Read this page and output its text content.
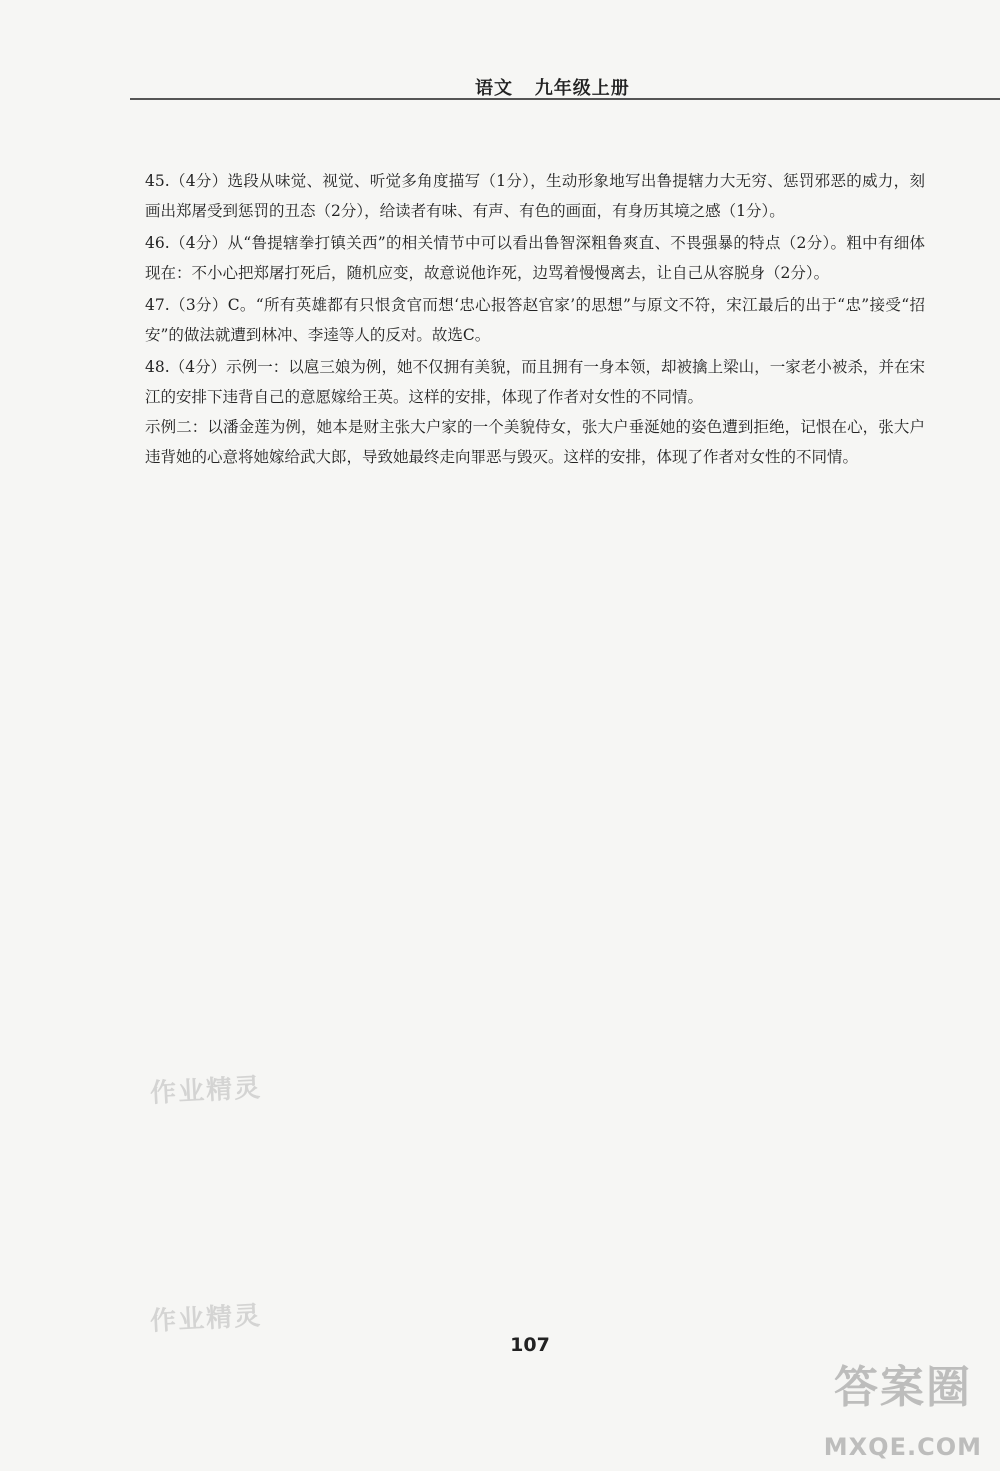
语文   九年级上册

45.（4分）选段从味觉、视觉、听觉多角度描写（1分），生动形象地写出鲁提辖力大无穷、惩罚邪恶的威力，刻画出郑屠受到惩罚的丑态（2分），给读者有味、有声、有色的画面，有身历其境之感（1分）。

46.（4分）从“鲁提辖拳打镇关西”的相关情节中可以看出鲁智深粗鲁爽直、不畏强暴的特点（2分）。粗中有细体现在：不小心把郑屠打死后，随机应变，故意说他诈死，边骂着慢慢离去，让自己从容脱身（2分）。

47.（3分）C。“所有英雄都有只恨贪官而想‘忠心报答赵官家’的思想”与原文不符，宋江最后的出于“忠”接受“招安”的做法就遭到林冲、李逵等人的反对。故选C。

48.（4分）示例一：以扈三娘为例，她不仅拥有美貌，而且拥有一身本领，却被擒上梁山，一家老小被杀，并在宋江的安排下违背自己的意愿嫁给王英。这样的安排，体现了作者对女性的不同情。

示例二：以潘金莲为例，她本是财主张大户家的一个美貌侍女，张大户垂涎她的姿色遭到拒绝，记恨在心，张大户违背她的心意将她嫁给武大郎，导致她最终走向罪恶与毁灭。这样的安排，体现了作者对女性的不同情。

作业精灵
作业精灵
107
答案圈
MXQE.COM
